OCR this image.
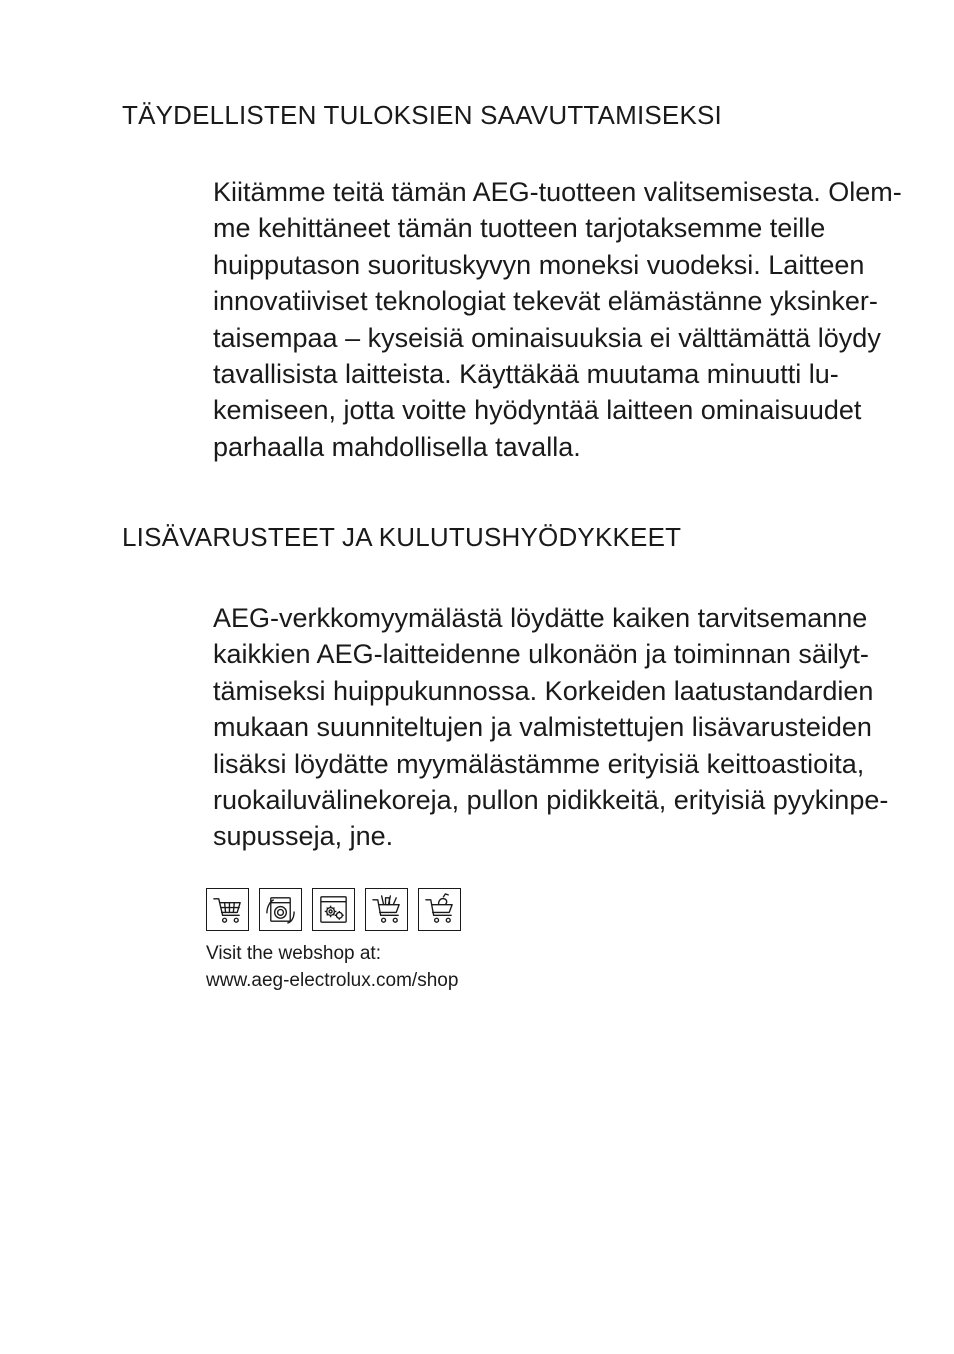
TÄYDELLISTEN TULOKSIEN SAAVUTTAMISEKSI
Kiitämme teitä tämän AEG-tuotteen valitsemisesta. Olem-
me kehittäneet tämän tuotteen tarjotaksemme teille
huipputason suorituskyvyn moneksi vuodeksi. Laitteen
innovatiiviset teknologiat tekevät elämästänne yksinker-
taisempaa – kyseisiä ominaisuuksia ei välttämättä löydy
tavallisista laitteista. Käyttäkää muutama minuutti lu-
kemiseen, jotta voitte hyödyntää laitteen ominaisuudet
parhaalla mahdollisella tavalla.
LISÄVARUSTEET JA KULUTUSHYÖDYKKEET
AEG-verkkomyymälästä löydätte kaiken tarvitsemanne
kaikkien AEG-laitteidenne ulkonäön ja toiminnan säilyt-
tämiseksi huippukunnossa. Korkeiden laatustandardien
mukaan suunniteltujen ja valmistettujen lisävarusteiden
lisäksi löydätte myymälästämme erityisiä keittoastioita,
ruokailuvälinekoreja, pullon pidikkeitä, erityisiä pyykinpe-
supusseja, jne.
Visit the webshop at:
www.aeg-electrolux.com/shop
